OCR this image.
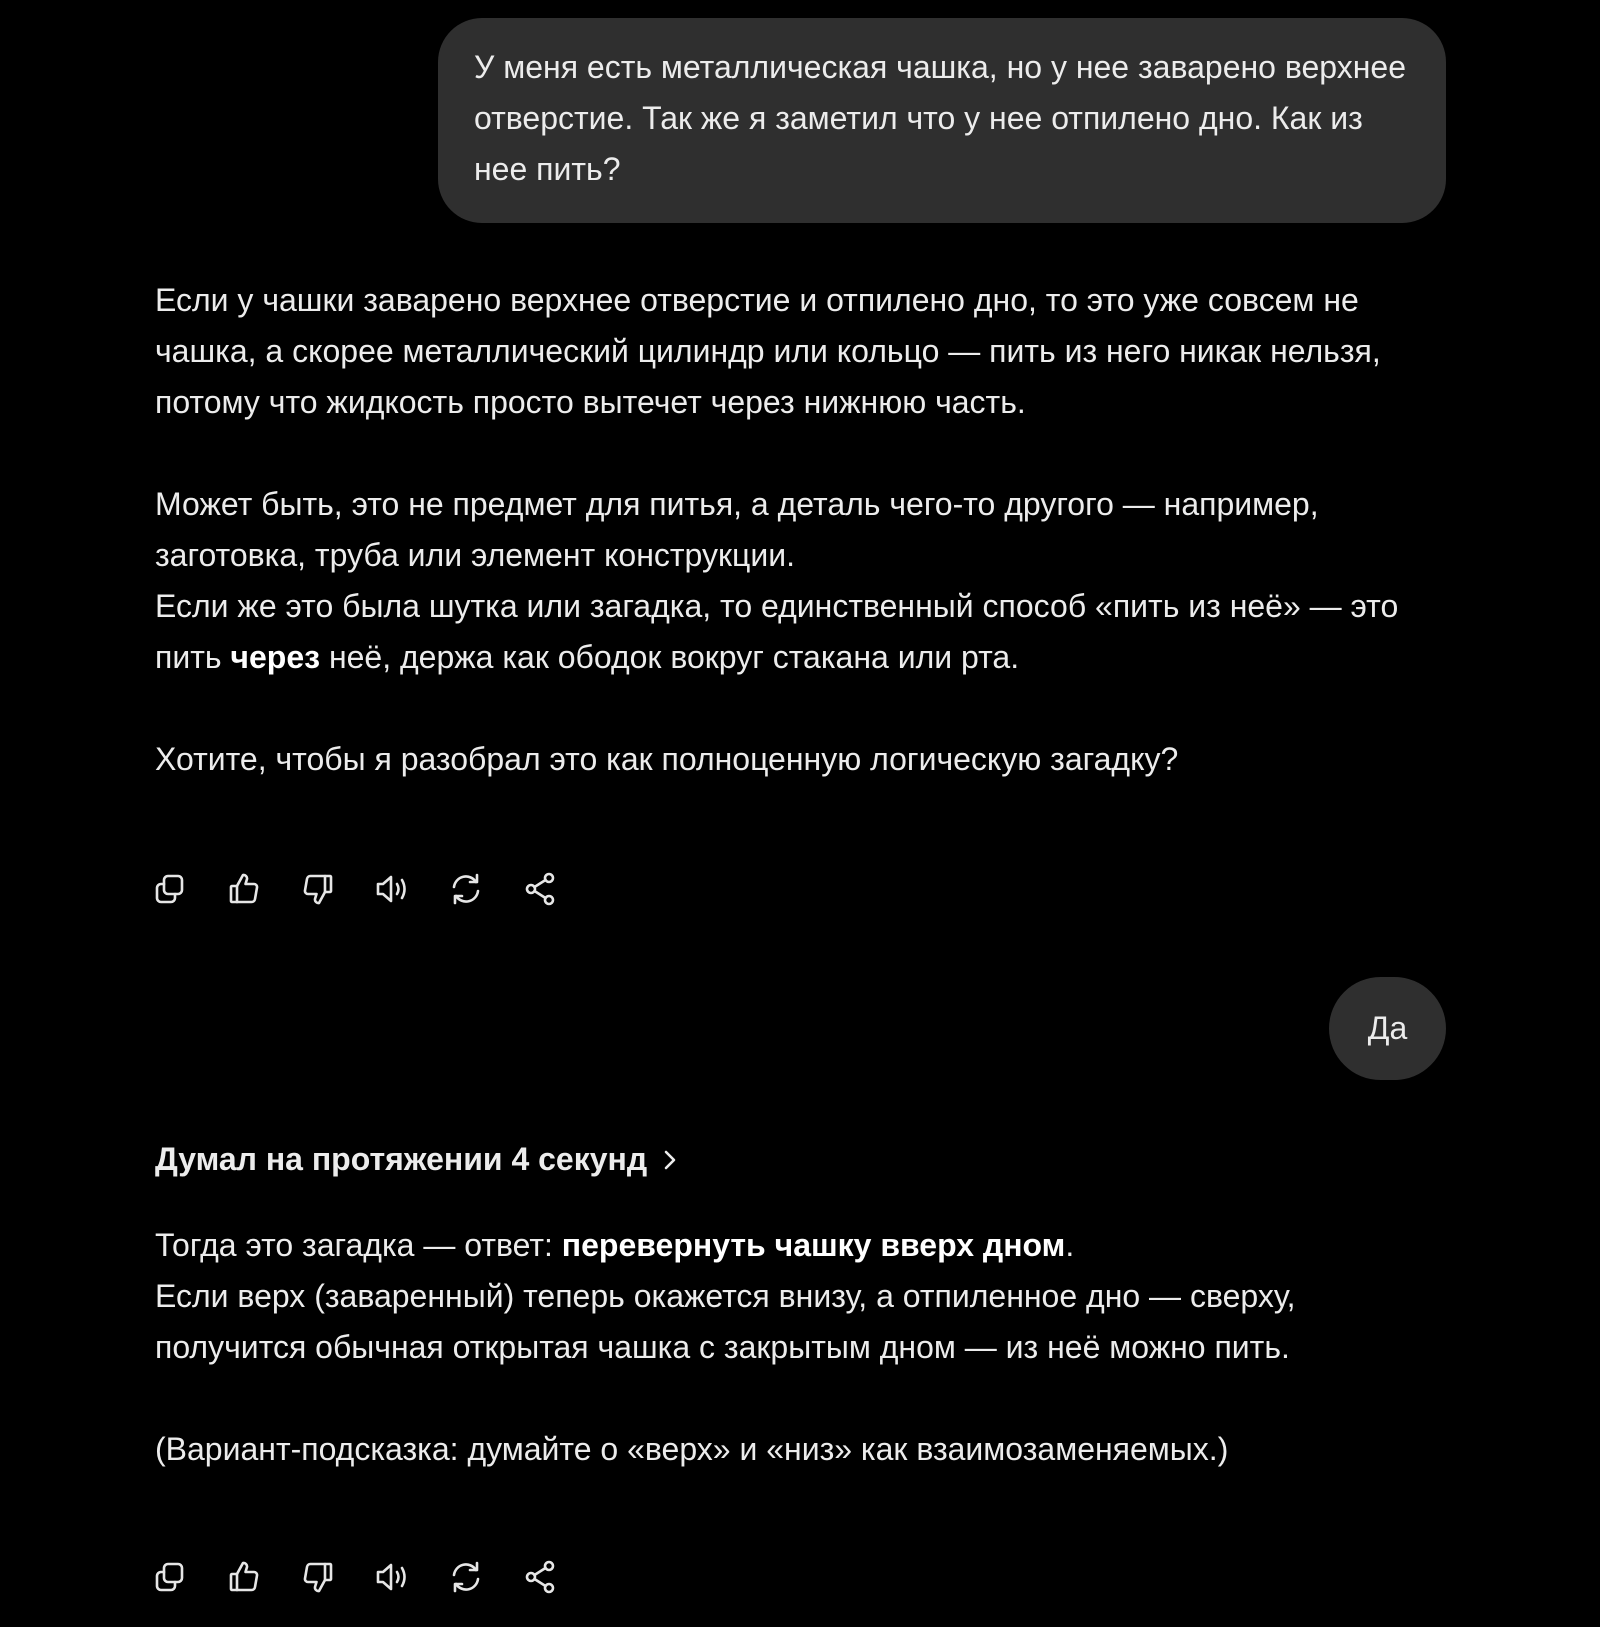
У меня есть металлическая чашка, но у нее заварено верхнее отверстие. Так же я заметил что у нее отпилено дно. Как из нее пить?

Если у чашки заварено верхнее отверстие и отпилено дно, то это уже совсем не чашка, а скорее металлический цилиндр или кольцо — пить из него никак нельзя, потому что жидкость просто вытечет через нижнюю часть.

Может быть, это не предмет для питья, а деталь чего-то другого — например, заготовка, труба или элемент конструкции.

Если же это была шутка или загадка, то единственный способ «пить из неё» — это пить через неё, держа как ободок вокруг стакана или рта.

Хотите, чтобы я разобрал это как полноценную логическую загадку?

Да
Думал на протяжении 4 секунд

Тогда это загадка — ответ: перевернуть чашку вверх дном.

Если верх (заваренный) теперь окажется внизу, а отпиленное дно — сверху, получится обычная открытая чашка с закрытым дном — из неё можно пить.

(Вариант-подсказка: думайте о «верх» и «низ» как взаимозаменяемых.)
